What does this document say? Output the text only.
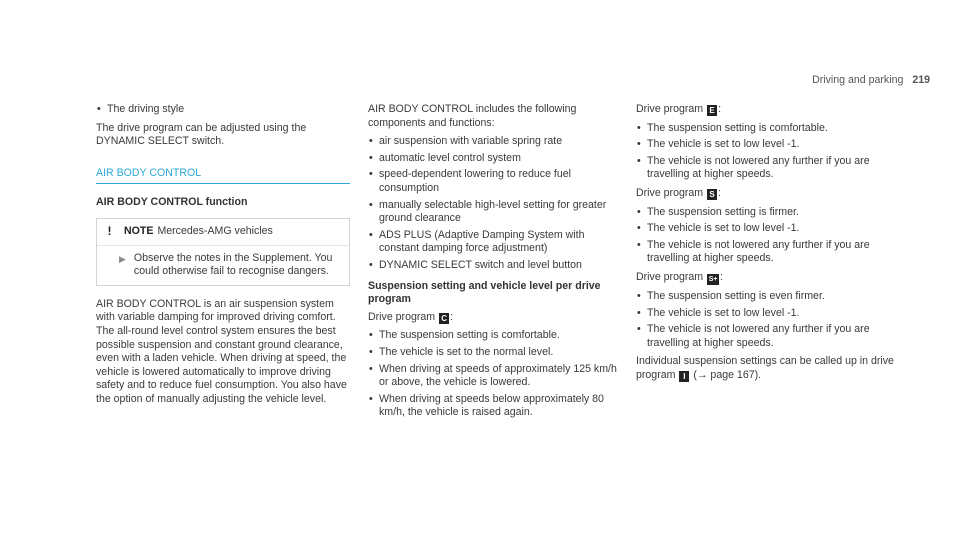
Driving and parking 219
• The driving style

The drive program can be adjusted using the DYNAMIC SELECT switch.

AIR BODY CONTROL
AIR BODY CONTROL function
! NOTE Mercedes-AMG vehicles
▶ Observe the notes in the Supplement. You could otherwise fail to recognise dangers.

AIR BODY CONTROL is an air suspension system with variable damping for improved driving comfort. The all-round level control system ensures the best possible suspension and constant ground clearance, even with a laden vehicle. When driving at speed, the vehicle is lowered automatically to improve driving safety and to reduce fuel consumption. You also have the option of manually adjusting the vehicle level.

AIR BODY CONTROL includes the following components and functions:

• air suspension with variable spring rate
• automatic level control system
• speed-dependent lowering to reduce fuel consumption
• manually selectable high-level setting for greater ground clearance
• ADS PLUS (Adaptive Damping System with constant damping force adjustment)
• DYNAMIC SELECT switch and level button
Suspension setting and vehicle level per drive program

Drive program C :

• The suspension setting is comfortable.
• The vehicle is set to the normal level.
• When driving at speeds of approximately 125 km/h or above, the vehicle is lowered.
• When driving at speeds below approximately 80 km/h, the vehicle is raised again.

Drive program E :

• The suspension setting is comfortable.
• The vehicle is set to low level -1.
• The vehicle is not lowered any further if you are travelling at higher speeds.

Drive program S :

• The suspension setting is firmer.
• The vehicle is set to low level -1.
• The vehicle is not lowered any further if you are travelling at higher speeds.

Drive program S+ :

• The suspension setting is even firmer.
• The vehicle is set to low level -1.
• The vehicle is not lowered any further if you are travelling at higher speeds.

Individual suspension settings can be called up in drive program I (→ page 167).
